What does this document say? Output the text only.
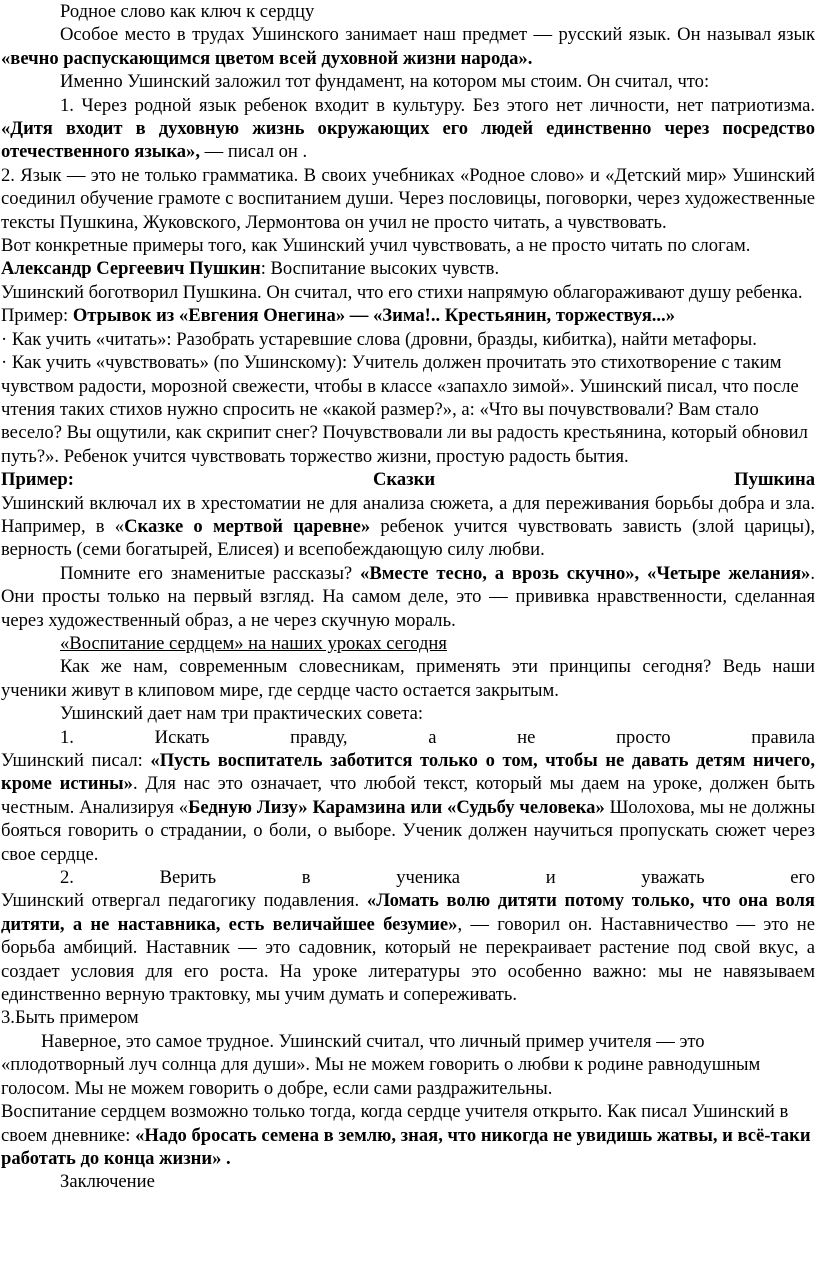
Родное слово как ключ к сердцу

Особое место в трудах Ушинского занимает наш предмет — русский язык. Он называл язык «вечно распускающимся цветом всей духовной жизни народа».

Именно Ушинский заложил тот фундамент, на котором мы стоим. Он считал, что:

1. Через родной язык ребенок входит в культуру. Без этого нет личности, нет патриотизма. «Дитя входит в духовную жизнь окружающих его людей единственно через посредство отечественного языка», — писал он .

2. Язык — это не только грамматика. В своих учебниках «Родное слово» и «Детский мир» Ушинский соединил обучение грамоте с воспитанием души. Через пословицы, поговорки, через художественные тексты Пушкина, Жуковского, Лермонтова он учил не просто читать, а чувствовать.

Вот конкретные примеры того, как Ушинский учил чувствовать, а не просто читать по слогам.

Александр Сергеевич Пушкин: Воспитание высоких чувств.

Ушинский боготворил Пушкина. Он считал, что его стихи напрямую облагораживают душу ребенка.

Пример: Отрывок из «Евгения Онегина» — «Зима!.. Крестьянин, торжествуя...»

· Как учить «читать»: Разобрать устаревшие слова (дровни, бразды, кибитка), найти метафоры.

· Как учить «чувствовать» (по Ушинскому): Учитель должен прочитать это стихотворение с таким чувством радости, морозной свежести, чтобы в классе «запахло зимой». Ушинский писал, что после чтения таких стихов нужно спросить не «какой размер?», а: «Что вы почувствовали? Вам стало весело? Вы ощутили, как скрипит снег? Почувствовали ли вы радость крестьянина, который обновил путь?». Ребенок учится чувствовать торжество жизни, простую радость бытия.

Пример: Сказки Пушкина

Ушинский включал их в хрестоматии не для анализа сюжета, а для переживания борьбы добра и зла. Например, в «Сказке о мертвой царевне» ребенок учится чувствовать зависть (злой царицы), верность (семи богатырей, Елисея) и всепобеждающую силу любви.

Помните его знаменитые рассказы? «Вместе тесно, а врозь скучно», «Четыре желания». Они просты только на первый взгляд. На самом деле, это — прививка нравственности, сделанная через художественный образ, а не через скучную мораль.

«Воспитание сердцем» на наших уроках сегодня

Как же нам, современным словесникам, применять эти принципы сегодня? Ведь наши ученики живут в клиповом мире, где сердце часто остается закрытым.

Ушинский дает нам три практических совета:

1. Искать правду, а не просто правила

Ушинский писал: «Пусть воспитатель заботится только о том, чтобы не давать детям ничего, кроме истины». Для нас это означает, что любой текст, который мы даем на уроке, должен быть честным. Анализируя «Бедную Лизу» Карамзина или «Судьбу человека» Шолохова, мы не должны бояться говорить о страдании, о боли, о выборе. Ученик должен научиться пропускать сюжет через свое сердце.

2. Верить в ученика и уважать его

Ушинский отвергал педагогику подавления. «Ломать волю дитяти потому только, что она воля дитяти, а не наставника, есть величайшее безумие», — говорил он. Наставничество — это не борьба амбиций. Наставник — это садовник, который не перекраивает растение под свой вкус, а создает условия для его роста. На уроке литературы это особенно важно: мы не навязываем единственно верную трактовку, мы учим думать и сопереживать.

3.Быть примером

Наверное, это самое трудное. Ушинский считал, что личный пример учителя — это «плодотворный луч солнца для души». Мы не можем говорить о любви к родине равнодушным голосом. Мы не можем говорить о добре, если сами раздражительны.

Воспитание сердцем возможно только тогда, когда сердце учителя открыто. Как писал Ушинский в своем дневнике: «Надо бросать семена в землю, зная, что никогда не увидишь жатвы, и всё-таки работать до конца жизни» .

Заключение
